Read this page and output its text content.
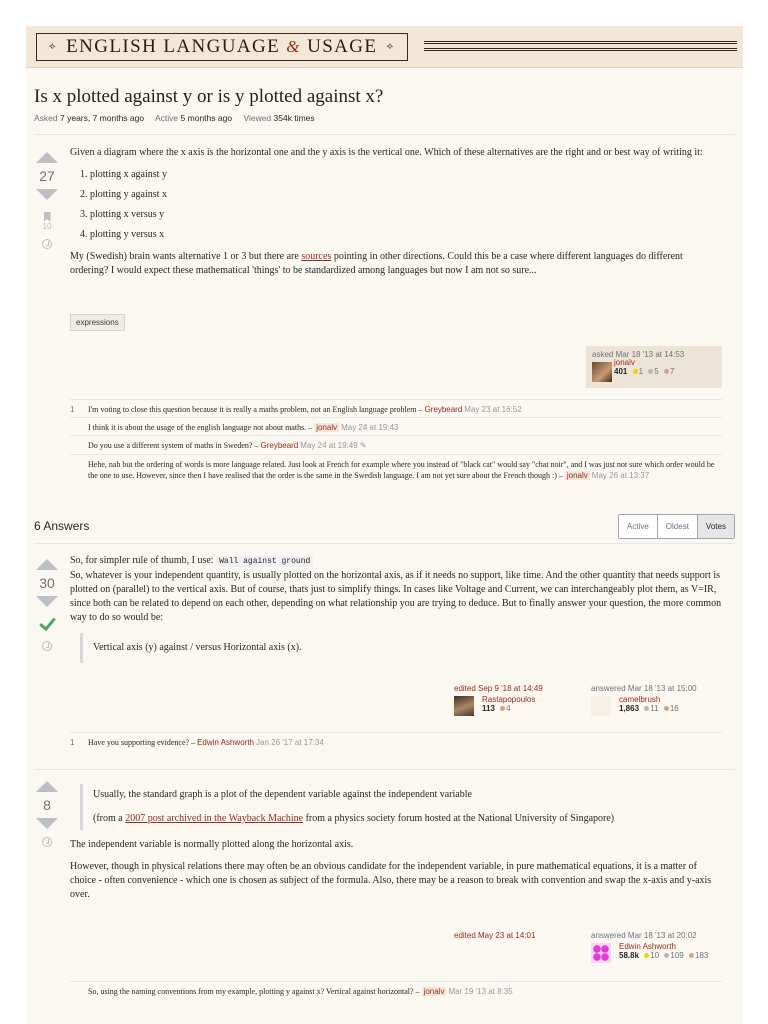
⟡ ENGLISH LANGUAGE & USAGE ⟡
Is x plotted against y or is y plotted against x?
Asked 7 years, 7 months ago Active 5 months ago Viewed 354k times
27
10

Given a diagram where the x axis is the horizontal one and the y axis is the vertical one. Which of these alternatives are the right and or best way of writing it:

1. plotting x against y
2. plotting y against x
3. plotting x versus y
4. plotting y versus x

My (Swedish) brain wants alternative 1 or 3 but there are sources pointing in other directions. Could this be a case where different languages do different ordering? I would expect these mathematical 'things' to be standardized among languages but now I am not so sure...

expressions
asked Mar 18 '13 at 14:53
jonalv
401 1 5 7
1 I'm voting to close this question because it is really a maths problem, not an English language problem – Greybeard May 23 at 16:52
I think it is about the usage of the english language not about maths. – jonalv May 24 at 19:43
Do you use a different system of maths in Sweden? – Greybeard May 24 at 19:49 ✎
Hehe, nah but the ordering of words is more language related. Just look at French for example where you instead of "black cat" would say "chat noir", and I was just not sure which order would be the one to use. However, since then I have realised that the order is the same in the Swedish language. I am not yet sure about the French though :) – jonalv May 26 at 13:37
6 Answers	Active	Oldest	Votes
30

So, for simpler rule of thumb, I use: Wall against ground

So, whatever is your independent quantity, is usually plotted on the horizontal axis, as if it needs no support, like time. And the other quantity that needs support is plotted on (parallel) to the vertical axis. But of course, thats just to simplify things. In cases like Voltage and Current, we can interchangeably plot them, as V=IR, since both can be related to depend on each other, depending on what relationship you are trying to deduce. But to finally answer your question, the more common way to do so would be:

Vertical axis (y) against / versus Horizontal axis (x).
edited Sep 9 '18 at 14:49
Rastapopoulos
113 4
answered Mar 18 '13 at 15:00
camelbrush
1,863 11 16
1 Have you supporting evidence? – Edwin Ashworth Jan 26 '17 at 17:34
8

Usually, the standard graph is a plot of the dependent variable against the independent variable

(from a 2007 post archived in the Wayback Machine from a physics society forum hosted at the National University of Singapore)

The independent variable is normally plotted along the horizontal axis.

However, though in physical relations there may often be an obvious candidate for the independent variable, in pure mathematical equations, it is a matter of choice - often convenience - which one is chosen as subject of the formula. Also, there may be a reason to break with convention and swap the x-axis and y-axis over.

edited May 23 at 14:01	answered Mar 18 '13 at 20:02
Edwin Ashworth
58.8k 10 109 183
So, using the naming conventions from my example, plotting y against x? Vertical against horizontal? – jonalv Mar 19 '13 at 8:35
